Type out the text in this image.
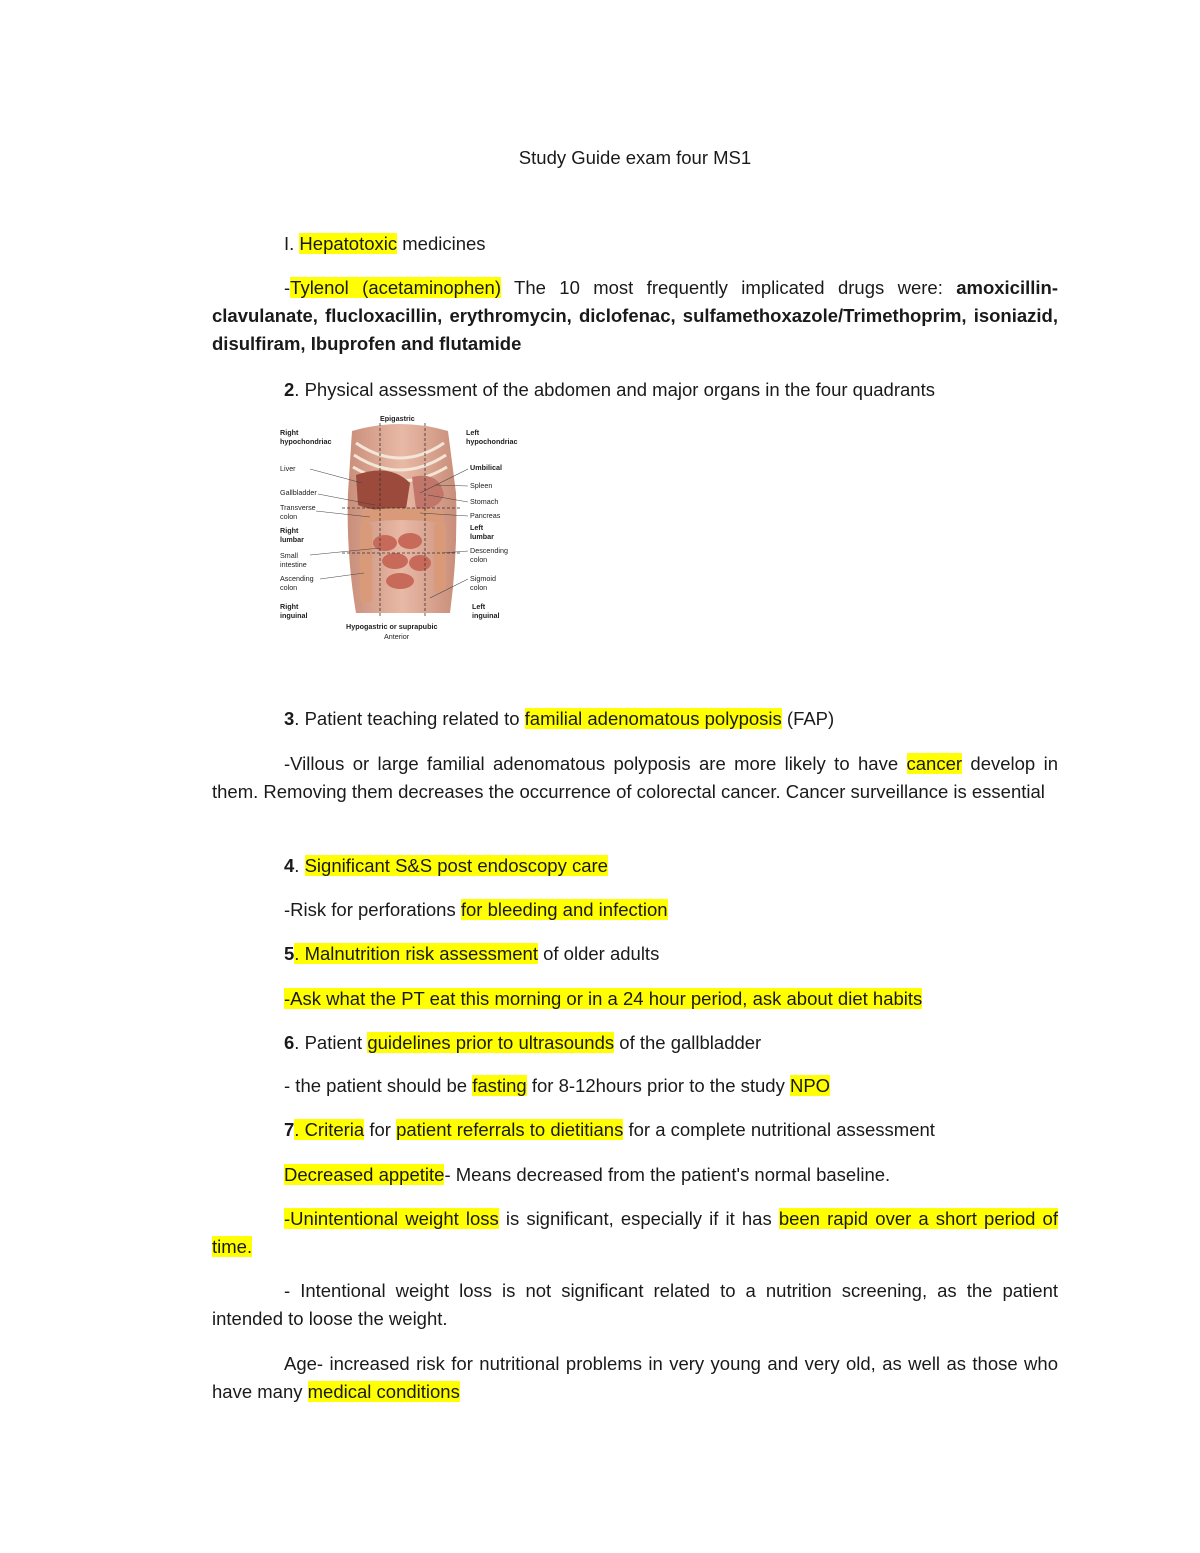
Study Guide exam four MS1
I. Hepatotoxic medicines
-Tylenol (acetaminophen) The 10 most frequently implicated drugs were: amoxicillin-clavulanate, flucloxacillin, erythromycin, diclofenac, sulfamethoxazole/Trimethoprim, isoniazid, disulfiram, Ibuprofen and flutamide
2. Physical assessment of the abdomen and major organs in the four quadrants
Epigastric
Right
hypochondriac
Left
hypochondriac
Liver
Gallbladder
Transverse
colon
Right
lumbar
Small
intestine
Ascending
colon
Right
inguinal
Umbilical
Spleen
Stomach
Pancreas
Left
lumbar
Descending
colon
Sigmoid
colon
Left
inguinal
Hypogastric or suprapubic
Anterior
3. Patient teaching related to familial adenomatous polyposis (FAP)
-Villous or large familial adenomatous polyposis are more likely to have cancer develop in them. Removing them decreases the occurrence of colorectal cancer. Cancer surveillance is essential
4. Significant S&S post endoscopy care
-Risk for perforations for bleeding and infection
5. Malnutrition risk assessment of older adults
-Ask what the PT eat this morning or in a 24 hour period, ask about diet habits
6. Patient guidelines prior to ultrasounds of the gallbladder
- the patient should be fasting for 8-12hours prior to the study NPO
7. Criteria for patient referrals to dietitians for a complete nutritional assessment
Decreased appetite- Means decreased from the patient's normal baseline.
-Unintentional weight loss is significant, especially if it has been rapid over a short period of time.
- Intentional weight loss is not significant related to a nutrition screening, as the patient intended to loose the weight.
Age- increased risk for nutritional problems in very young and very old, as well as those who have many medical conditions
